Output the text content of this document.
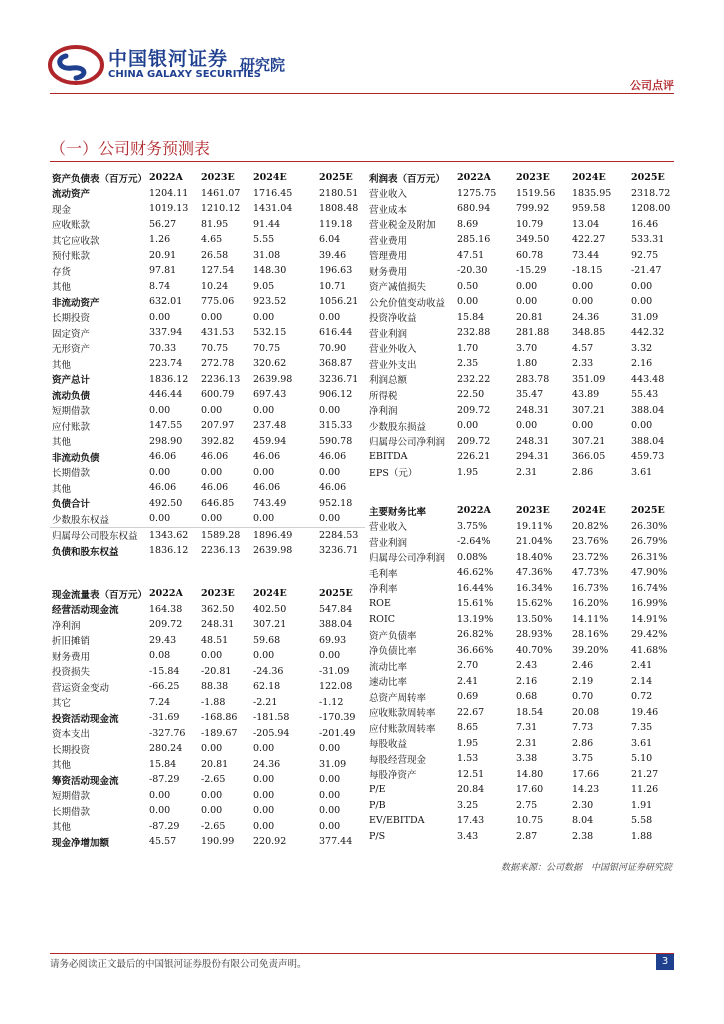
中国银河证券
CHINA GALAXY SECURITIES
研究院
公司点评
（一）公司财务预测表
资产负债表（百万元）	2022A	2023E	2024E	2025E
流动资产	1204.11	1461.07	1716.45	2180.51
现金	1019.13	1210.12	1431.04	1808.48
应收账款	56.27	81.95	91.44	119.18
其它应收款	1.26	4.65	5.55	6.04
预付账款	20.91	26.58	31.08	39.46
存货	97.81	127.54	148.30	196.63
其他	8.74	10.24	9.05	10.71
非流动资产	632.01	775.06	923.52	1056.21
长期投资	0.00	0.00	0.00	0.00
固定资产	337.94	431.53	532.15	616.44
无形资产	70.33	70.75	70.75	70.90
其他	223.74	272.78	320.62	368.87
资产总计	1836.12	2236.13	2639.98	3236.71
流动负债	446.44	600.79	697.43	906.12
短期借款	0.00	0.00	0.00	0.00
应付账款	147.55	207.97	237.48	315.33
其他	298.90	392.82	459.94	590.78
非流动负债	46.06	46.06	46.06	46.06
长期借款	0.00	0.00	0.00	0.00
其他	46.06	46.06	46.06	46.06
负债合计	492.50	646.85	743.49	952.18
少数股东权益	0.00	0.00	0.00	0.00
归属母公司股东权益	1343.62	1589.28	1896.49	2284.53
负债和股东权益	1836.12	2236.13	2639.98	3236.71
现金流量表（百万元）	2022A	2023E	2024E	2025E
经营活动现金流	164.38	362.50	402.50	547.84
净利润	209.72	248.31	307.21	388.04
折旧摊销	29.43	48.51	59.68	69.93
财务费用	0.08	0.00	0.00	0.00
投资损失	-15.84	-20.81	-24.36	-31.09
营运资金变动	-66.25	88.38	62.18	122.08
其它	7.24	-1.88	-2.21	-1.12
投资活动现金流	-31.69	-168.86	-181.58	-170.39
资本支出	-327.76	-189.67	-205.94	-201.49
长期投资	280.24	0.00	0.00	0.00
其他	15.84	20.81	24.36	31.09
筹资活动现金流	-87.29	-2.65	0.00	0.00
短期借款	0.00	0.00	0.00	0.00
长期借款	0.00	0.00	0.00	0.00
其他	-87.29	-2.65	0.00	0.00
现金净增加额	45.57	190.99	220.92	377.44
利润表（百万元）	2022A	2023E	2024E	2025E
营业收入	1275.75	1519.56	1835.95	2318.72
营业成本	680.94	799.92	959.58	1208.00
营业税金及附加	8.69	10.79	13.04	16.46
营业费用	285.16	349.50	422.27	533.31
管理费用	47.51	60.78	73.44	92.75
财务费用	-20.30	-15.29	-18.15	-21.47
资产减值损失	0.50	0.00	0.00	0.00
公允价值变动收益	0.00	0.00	0.00	0.00
投资净收益	15.84	20.81	24.36	31.09
营业利润	232.88	281.88	348.85	442.32
营业外收入	1.70	3.70	4.57	3.32
营业外支出	2.35	1.80	2.33	2.16
利润总额	232.22	283.78	351.09	443.48
所得税	22.50	35.47	43.89	55.43
净利润	209.72	248.31	307.21	388.04
少数股东损益	0.00	0.00	0.00	0.00
归属母公司净利润	209.72	248.31	307.21	388.04
EBITDA	226.21	294.31	366.05	459.73
EPS（元）	1.95	2.31	2.86	3.61
主要财务比率	2022A	2023E	2024E	2025E
营业收入	3.75%	19.11%	20.82%	26.30%
营业利润	-2.64%	21.04%	23.76%	26.79%
归属母公司净利润	0.08%	18.40%	23.72%	26.31%
毛利率	46.62%	47.36%	47.73%	47.90%
净利率	16.44%	16.34%	16.73%	16.74%
ROE	15.61%	15.62%	16.20%	16.99%
ROIC	13.19%	13.50%	14.11%	14.91%
资产负债率	26.82%	28.93%	28.16%	29.42%
净负债比率	36.66%	40.70%	39.20%	41.68%
流动比率	2.70	2.43	2.46	2.41
速动比率	2.41	2.16	2.19	2.14
总资产周转率	0.69	0.68	0.70	0.72
应收账款周转率	22.67	18.54	20.08	19.46
应付账款周转率	8.65	7.31	7.73	7.35
每股收益	1.95	2.31	2.86	3.61
每股经营现金	1.53	3.38	3.75	5.10
每股净资产	12.51	14.80	17.66	21.27
P/E	20.84	17.60	14.23	11.26
P/B	3.25	2.75	2.30	1.91
EV/EBITDA	17.43	10.75	8.04	5.58
P/S	3.43	2.87	2.38	1.88
数据来源：公司数据　中国银河证券研究院
请务必阅读正文最后的中国银河证券股份有限公司免责声明。	3
